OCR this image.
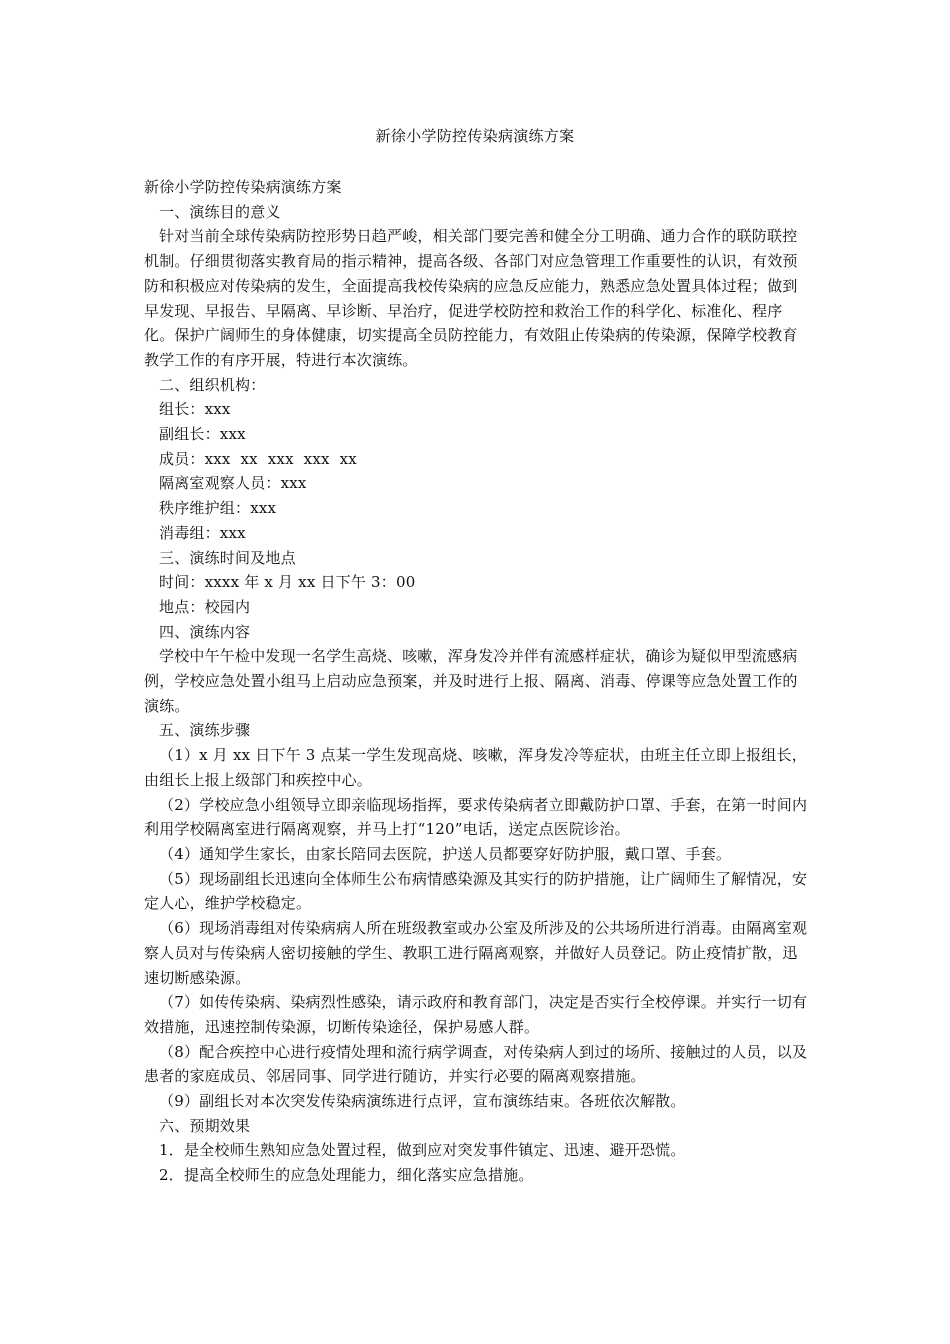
新徐小学防控传染病演练方案

新徐小学防控传染病演练方案

一、演练目的意义

针对当前全球传染病防控形势日趋严峻，相关部门要完善和健全分工明确、通力合作的联防联控机制。仔细贯彻落实教育局的指示精神，提高各级、各部门对应急管理工作重要性的认识，有效预防和积极应对传染病的发生，全面提高我校传染病的应急反应能力，熟悉应急处置具体过程；做到早发现、早报告、早隔离、早诊断、早治疗，促进学校防控和救治工作的科学化、标准化、程序化。保护广阔师生的身体健康，切实提高全员防控能力，有效阻止传染病的传染源，保障学校教育教学工作的有序开展，特进行本次演练。

二、组织机构：

组长：xxx

副组长：xxx

成员：xxx  xx  xxx  xxx  xx

隔离室观察人员：xxx

秩序维护组：xxx

消毒组：xxx

三、演练时间及地点

时间：xxxx 年 x 月 xx 日下午 3：00

地点：校园内

四、演练内容

学校中午午检中发现一名学生高烧、咳嗽，浑身发冷并伴有流感样症状，确诊为疑似甲型流感病例，学校应急处置小组马上启动应急预案，并及时进行上报、隔离、消毒、停课等应急处置工作的演练。

五、演练步骤

（1）x 月 xx 日下午 3 点某一学生发现高烧、咳嗽，浑身发冷等症状，由班主任立即上报组长，由组长上报上级部门和疾控中心。

（2）学校应急小组领导立即亲临现场指挥，要求传染病者立即戴防护口罩、手套，在第一时间内利用学校隔离室进行隔离观察，并马上打“120”电话，送定点医院诊治。

（4）通知学生家长，由家长陪同去医院，护送人员都要穿好防护服，戴口罩、手套。

（5）现场副组长迅速向全体师生公布病情感染源及其实行的防护措施，让广阔师生了解情况，安定人心，维护学校稳定。

（6）现场消毒组对传染病病人所在班级教室或办公室及所涉及的公共场所进行消毒。由隔离室观察人员对与传染病人密切接触的学生、教职工进行隔离观察，并做好人员登记。防止疫情扩散，迅速切断感染源。

（7）如传传染病、染病烈性感染，请示政府和教育部门，决定是否实行全校停课。并实行一切有效措施，迅速控制传染源，切断传染途径，保护易感人群。

（8）配合疾控中心进行疫情处理和流行病学调查，对传染病人到过的场所、接触过的人员，以及患者的家庭成员、邻居同事、同学进行随访，并实行必要的隔离观察措施。

（9）副组长对本次突发传染病演练进行点评，宣布演练结束。各班依次解散。

六、预期效果

1．是全校师生熟知应急处置过程，做到应对突发事件镇定、迅速、避开恐慌。

2．提高全校师生的应急处理能力，细化落实应急措施。
